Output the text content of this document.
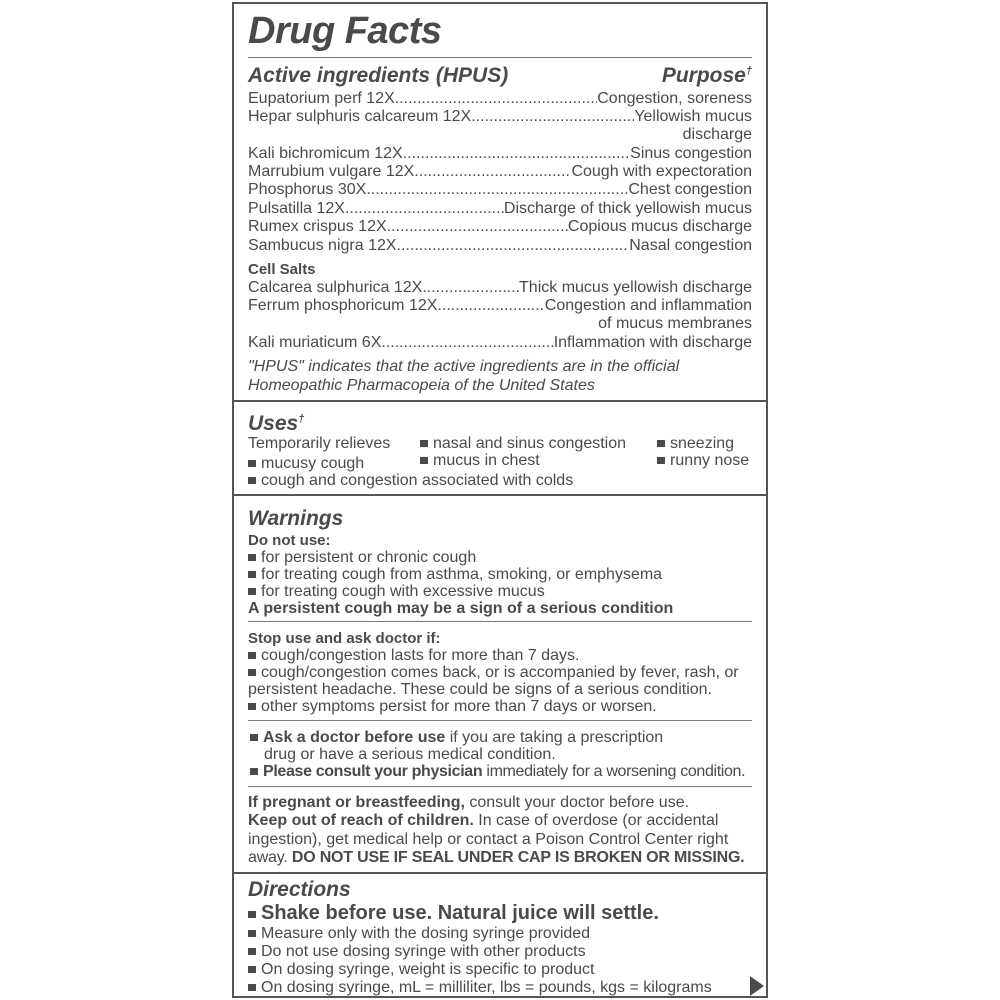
Drug Facts
Active ingredients (HPUS)	Purpose†
Eupatorium perf 12X .....	Congestion, soreness
Hepar sulphuris calcareum 12X .....	Yellowish mucus
discharge
Kali bichromicum 12X .....	Sinus congestion
Marrubium vulgare 12X .....	Cough with expectoration
Phosphorus 30X .....	Chest congestion
Pulsatilla 12X .....	Discharge of thick yellowish mucus
Rumex crispus 12X .....	Copious mucus discharge
Sambucus nigra 12X .....	Nasal congestion
Cell Salts
Calcarea sulphurica 12X .....	Thick mucus yellowish discharge
Ferrum phosphoricum 12X .....	Congestion and inflammation
of mucus membranes
Kali muriaticum 6X .....	Inflammation with discharge
"HPUS" indicates that the active ingredients are in the official
Homeopathic Pharmacopeia of the United States
Uses†
Temporarily relieves	nasal and sinus congestion	sneezing
mucusy cough	mucus in chest	runny nose
cough and congestion associated with colds
Warnings
Do not use:
for persistent or chronic cough
for treating cough from asthma, smoking, or emphysema
for treating cough with excessive mucus
A persistent cough may be a sign of a serious condition
Stop use and ask doctor if:
cough/congestion lasts for more than 7 days.
cough/congestion comes back, or is accompanied by fever, rash, or
persistent headache. These could be signs of a serious condition.
other symptoms persist for more than 7 days or worsen.
Ask a doctor before use if you are taking a prescription
drug or have a serious medical condition.
Please consult your physician immediately for a worsening condition.
If pregnant or breastfeeding, consult your doctor before use.
Keep out of reach of children. In case of overdose (or accidental
ingestion), get medical help or contact a Poison Control Center right
away. DO NOT USE IF SEAL UNDER CAP IS BROKEN OR MISSING.
Directions
Shake before use. Natural juice will settle.
Measure only with the dosing syringe provided
Do not use dosing syringe with other products
On dosing syringe, weight is specific to product
On dosing syringe, mL = milliliter, lbs = pounds, kgs = kilograms
